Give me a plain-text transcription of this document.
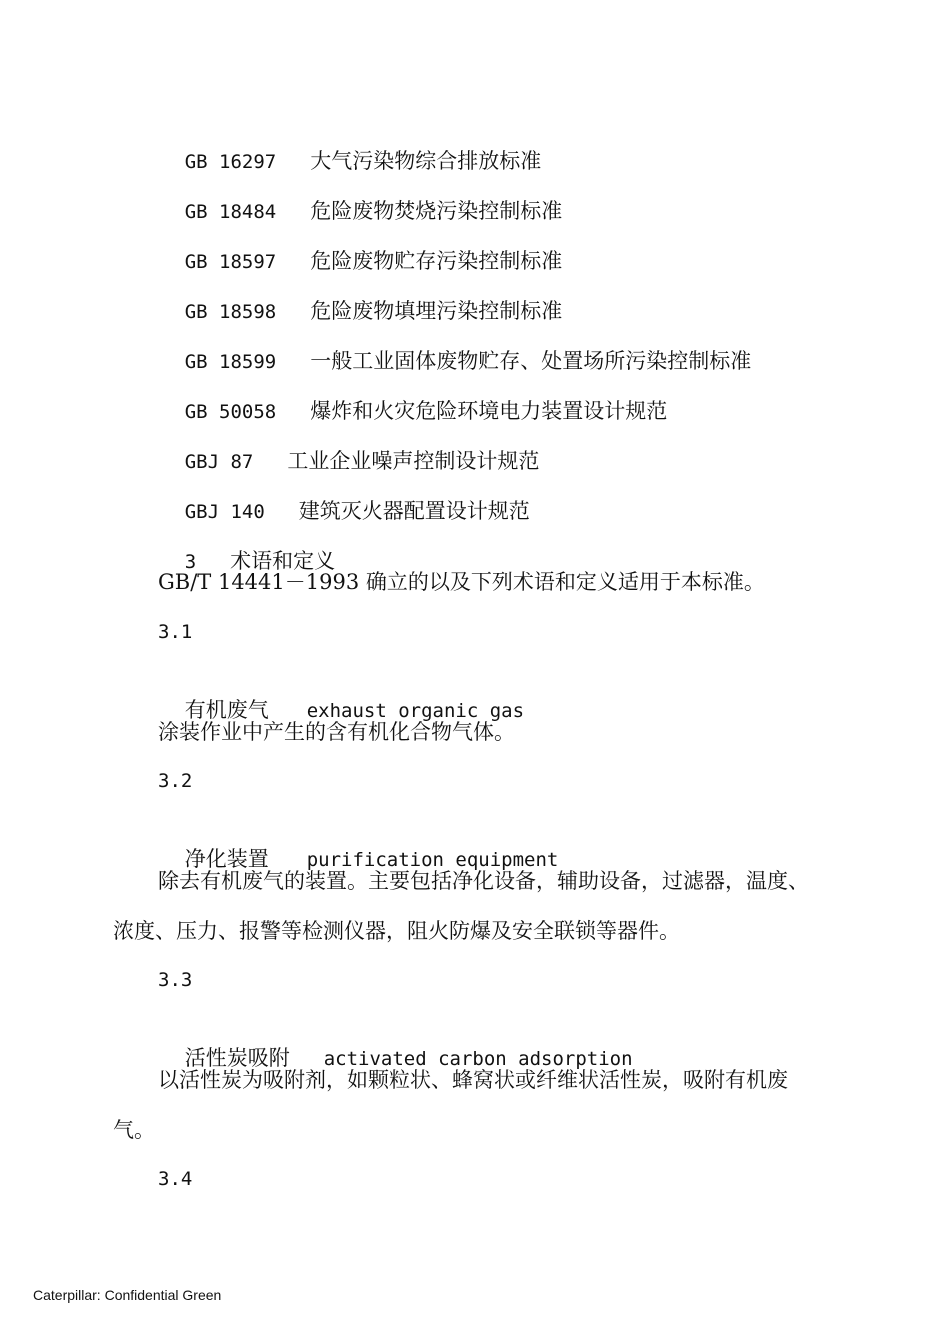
GB 16297 大气污染物综合排放标准

GB 18484 危险废物焚烧污染控制标准

GB 18597 危险废物贮存污染控制标准

GB 18598 危险废物填埋污染控制标准

GB 18599 一般工业固体废物贮存、处置场所污染控制标准

GB 50058 爆炸和火灾危险环境电力装置设计规范

GBJ 87 工业企业噪声控制设计规范

GBJ 140 建筑灭火器配置设计规范

3 术语和定义

GB/T 14441－1993 确立的以及下列术语和定义适用于本标准。
3.1

有机废气 exhaust organic gas

涂装作业中产生的含有机化合物气体。
3.2

净化装置 purification equipment

除去有机废气的装置。主要包括净化设备，辅助设备，过滤器，温度、
浓度、压力、报警等检测仪器，阻火防爆及安全联锁等器件。
3.3

活性炭吸附 activated carbon adsorption

以活性炭为吸附剂，如颗粒状、蜂窝状或纤维状活性炭，吸附有机废
气。
3.4
Caterpillar: Confidential Green
